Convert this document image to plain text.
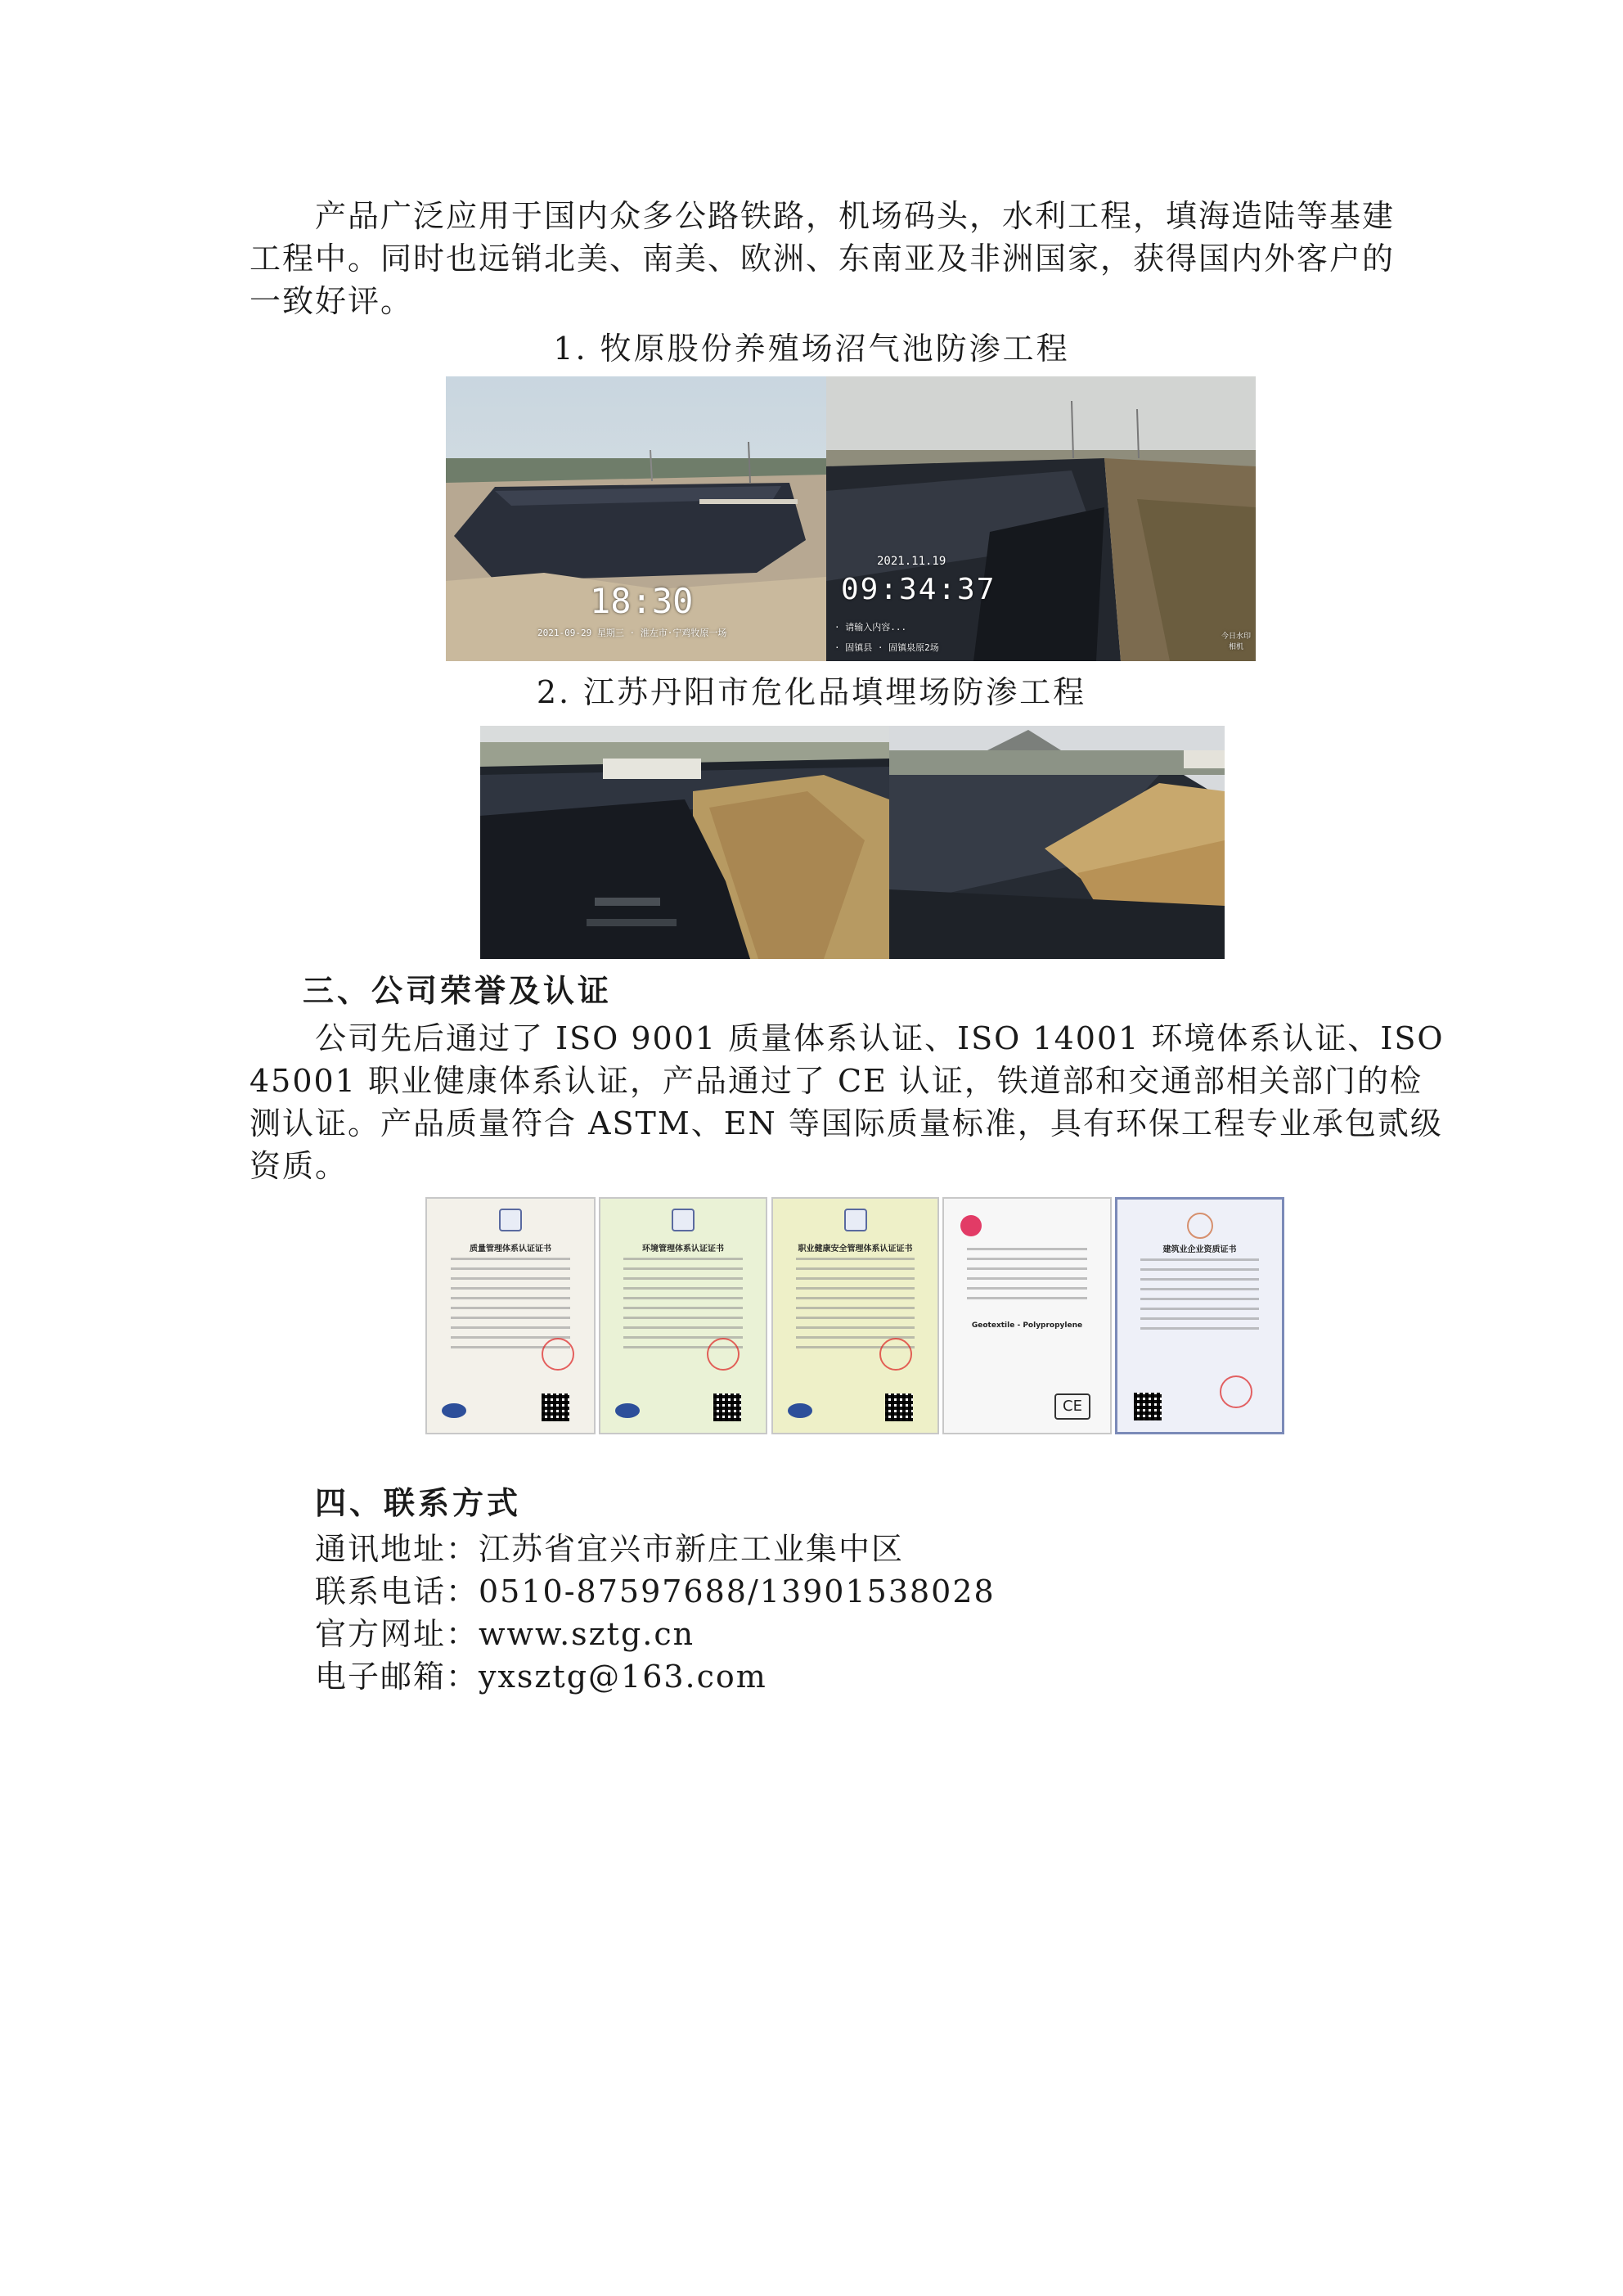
产品广泛应用于国内众多公路铁路，机场码头，水利工程，填海造陆等基建
工程中。同时也远销北美、南美、欧洲、东南亚及非洲国家，获得国内外客户的
一致好评。
1. 牧原股份养殖场沼气池防渗工程
18:30
2021-09-29 星期三 · 淮左市·宁鸡牧原一场
2021.11.19
09:34:37
· 请输入内容...
· 固镇县 · 固镇泉原2场
今日水印 相机
2. 江苏丹阳市危化品填埋场防渗工程
三、公司荣誉及认证
公司先后通过了 ISO 9001 质量体系认证、ISO 14001 环境体系认证、ISO
45001 职业健康体系认证，产品通过了 CE 认证，铁道部和交通部相关部门的检
测认证。产品质量符合 ASTM、EN 等国际质量标准，具有环保工程专业承包贰级
资质。
质量管理体系认证证书	环境管理体系认证证书	职业健康安全管理体系认证证书
Geotextile - Polypropylene
CE
建筑业企业资质证书
四、联系方式
通讯地址：江苏省宜兴市新庄工业集中区
联系电话：0510-87597688/13901538028
官方网址：www.sztg.cn
电子邮箱：yxsztg@163.com
